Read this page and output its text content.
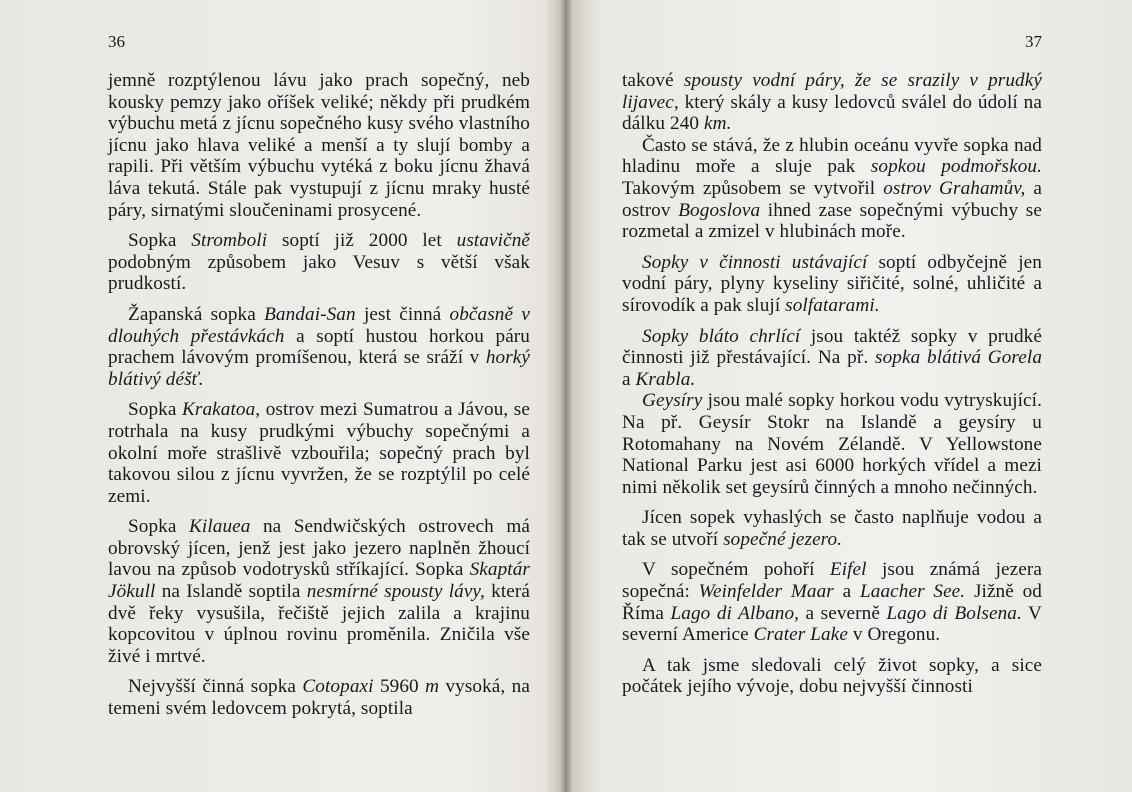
36

jemně rozptýlenou lávu jako prach sopečný, neb kousky pemzy jako oříšek veliké; někdy při prudkém výbuchu metá z jícnu sopečného kusy svého vlastního jícnu jako hlava veliké a menší a ty slují bomby a rapili. Při větším výbuchu vytéká z boku jícnu žhavá láva tekutá. Stále pak vystupují z jícnu mraky husté páry, sirnatými sloučeninami prosycené.

Sopka Stromboli soptí již 2000 let ustavičně podobným způsobem jako Vesuv s větší však prudkostí.

Žapanská sopka Bandai-San jest činná občasně v dlouhých přestávkách a soptí hustou horkou páru prachem lávovým promíšenou, která se sráží v horký blátivý déšť.

Sopka Krakatoa, ostrov mezi Sumatrou a Jávou, se rotrhala na kusy prudkými výbuchy sopečnými a okolní moře strašlivě vzbouřila; sopečný prach byl takovou silou z jícnu vyvržen, že se rozptýlil po celé zemi.

Sopka Kilauea na Sendwičských ostrovech má obrovský jícen, jenž jest jako jezero naplněn žhoucí lavou na způsob vodotrysků stříkající. Sopka Skaptár Jökull na Islandě soptila nesmírné spousty lávy, která dvě řeky vysušila, řečiště jejich zalila a krajinu kopcovitou v úplnou rovinu proměnila. Zničila vše živé i mrtvé.

Nejvyšší činná sopka Cotopaxi 5960 m vysoká, na temeni svém ledovcem pokrytá, soptila

37

takové spousty vodní páry, že se srazily v prudký lijavec, který skály a kusy ledovců sválel do údolí na dálku 240 km.

Často se stává, že z hlubin oceánu vyvře sopka nad hladinu moře a sluje pak sopkou podmořskou. Takovým způsobem se vytvořil ostrov Grahamův, a ostrov Bogoslova ihned zase sopečnými výbuchy se rozmetal a zmizel v hlubinách moře.

Sopky v činnosti ustávající soptí odbyčejně jen vodní páry, plyny kyseliny siřičité, solné, uhličité a sírovodík a pak slují solfatarami.

Sopky bláto chrlící jsou taktéž sopky v prudké činnosti již přestávající. Na př. sopka blátivá Gorela a Krabla.

Geysíry jsou malé sopky horkou vodu vytryskující. Na př. Geysír Stokr na Islandě a geysíry u Rotomahany na Novém Zélandě. V Yellowstone National Parku jest asi 6000 horkých vřídel a mezi nimi několik set geysírů činných a mnoho nečinných.

Jícen sopek vyhaslých se často naplňuje vodou a tak se utvoří sopečné jezero.

V sopečném pohoří Eifel jsou známá jezera sopečná: Weinfelder Maar a Laacher See. Jižně od Říma Lago di Albano, a severně Lago di Bolsena. V severní Americe Crater Lake v Oregonu.

A tak jsme sledovali celý život sopky, a sice počátek jejího vývoje, dobu nejvyšší činnosti
